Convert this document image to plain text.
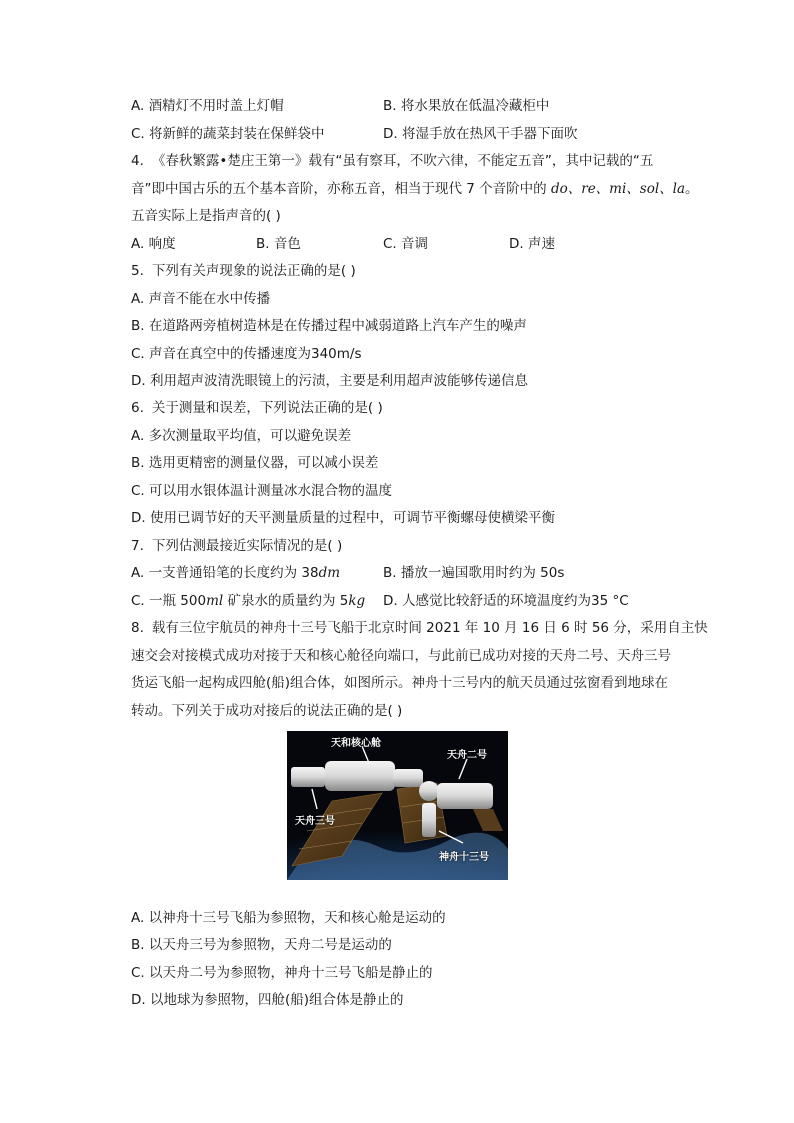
A. 酒精灯不用时盖上灯帽	B. 将水果放在低温冷藏柜中
C. 将新鲜的蔬菜封装在保鲜袋中	D. 将湿手放在热风干手器下面吹
4. 《春秋繁露•楚庄王第一》载有“虽有察耳，不吹六律，不能定五音”，其中记载的“五
音”即中国古乐的五个基本音阶，亦称五音，相当于现代 7 个音阶中的 do、re、mi、sol、la。
五音实际上是指声音的( )
A. 响度	B. 音色	C. 音调	D. 声速
5. 下列有关声现象的说法正确的是( )
A. 声音不能在水中传播
B. 在道路两旁植树造林是在传播过程中减弱道路上汽车产生的噪声
C. 声音在真空中的传播速度为340m/s
D. 利用超声波清洗眼镜上的污渍，主要是利用超声波能够传递信息
6. 关于测量和误差，下列说法正确的是( )
A. 多次测量取平均值，可以避免误差
B. 选用更精密的测量仪器，可以减小误差
C. 可以用水银体温计测量冰水混合物的温度
D. 使用已调节好的天平测量质量的过程中，可调节平衡螺母使横梁平衡
7. 下列估测最接近实际情况的是( )
A. 一支普通铅笔的长度约为 38dm	B. 播放一遍国歌用时约为 50s
C. 一瓶 500ml 矿泉水的质量约为 5kg D. 人感觉比较舒适的环境温度约为35 °C
8. 载有三位宇航员的神舟十三号飞船于北京时间 2021 年 10 月 16 日 6 时 56 分，采用自主快
速交会对接模式成功对接于天和核心舱径向端口，与此前已成功对接的天舟二号、天舟三号
货运飞船一起构成四舱(船)组合体，如图所示。神舟十三号内的航天员通过弦窗看到地球在
转动。下列关于成功对接后的说法正确的是( )
天和核心舱
天舟二号
天舟三号
神舟十三号
A. 以神舟十三号飞船为参照物，天和核心舱是运动的
B. 以天舟三号为参照物，天舟二号是运动的
C. 以天舟二号为参照物，神舟十三号飞船是静止的
D. 以地球为参照物，四舱(船)组合体是静止的
